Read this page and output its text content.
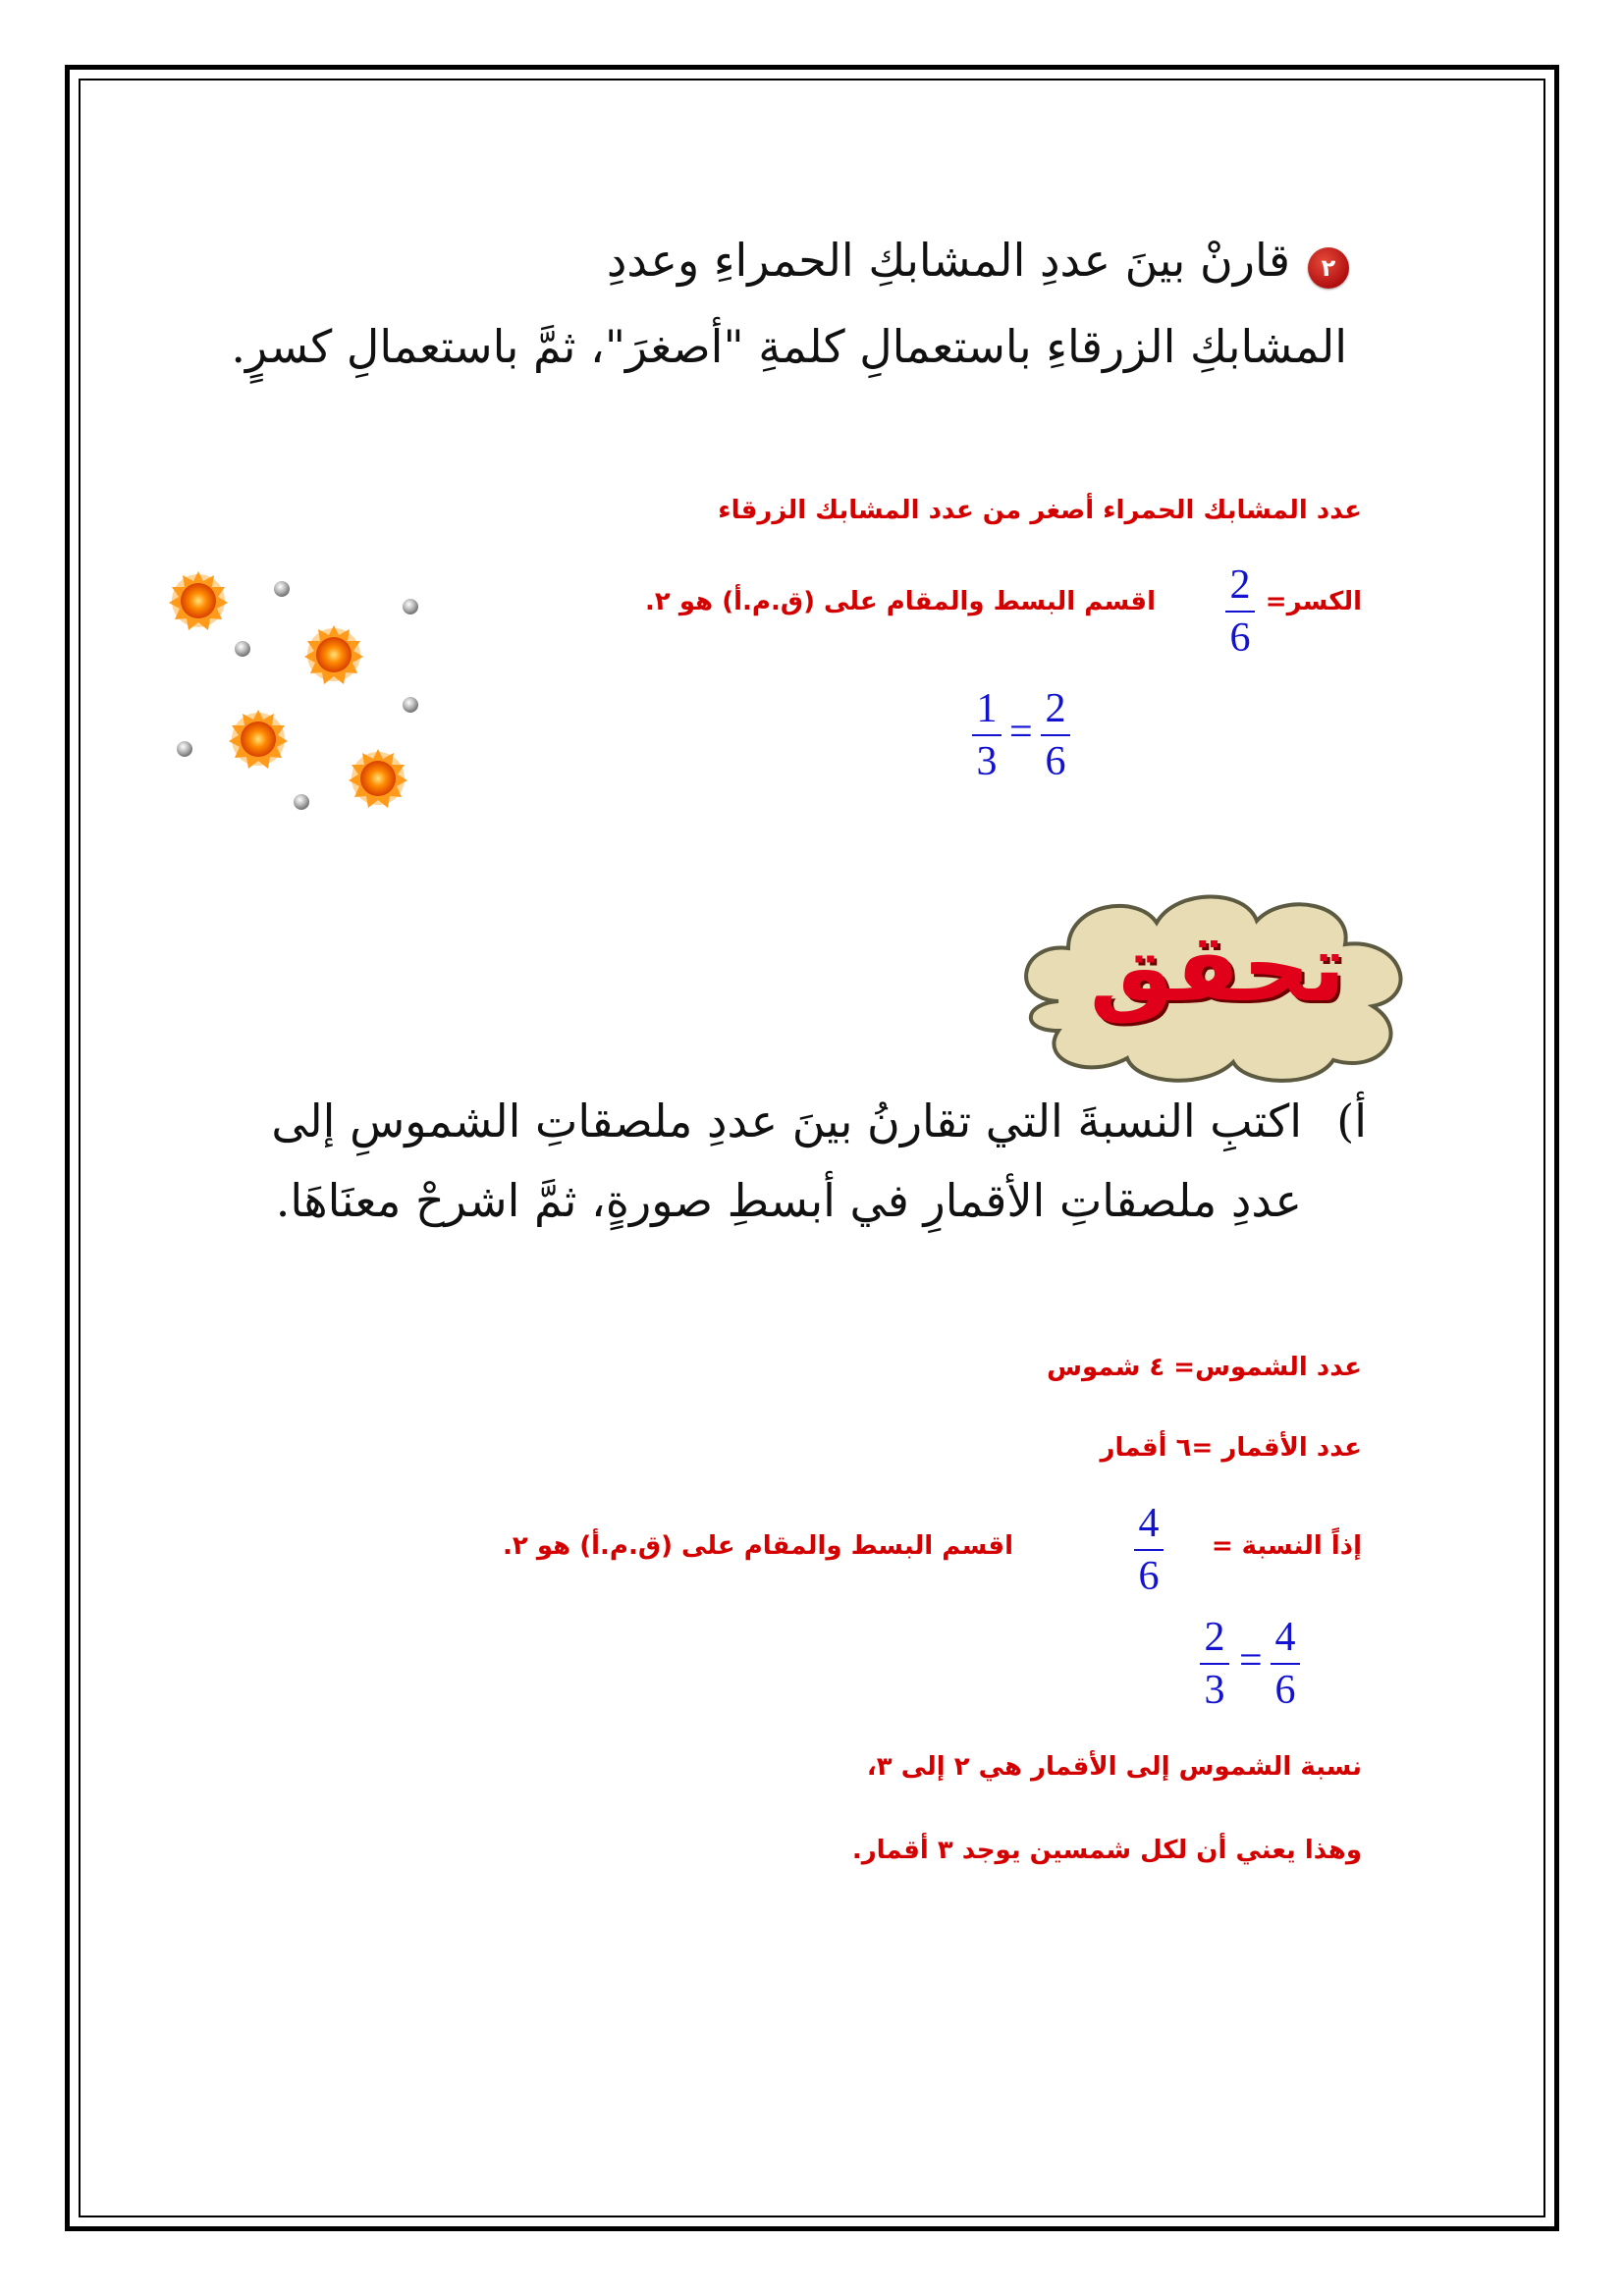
٢
قارنْ بينَ عددِ المشابكِ الحمراءِ وعددِ
المشابكِ الزرقاءِ باستعمالِ كلمةِ "أصغرَ"، ثمَّ باستعمالِ كسرٍ.
عدد المشابك الحمراء أصغر من عدد المشابك الزرقاء
الكسر=
2
6
اقسم البسط والمقام على (ق.م.أ) هو ٢.
1
3
=
2
6
تحقق
أ)
اكتبِ النسبةَ التي تقارنُ بينَ عددِ ملصقاتِ الشموسِ إلى
عددِ ملصقاتِ الأقمارِ في أبسطِ صورةٍ، ثمَّ اشرحْ معنَاهَا.
عدد الشموس= ٤ شموس
عدد الأقمار =٦ أقمار
إذاً النسبة =
4
6
اقسم البسط والمقام على (ق.م.أ) هو ٢.
2
3
=
4
6
نسبة الشموس إلى الأقمار هي ٢ إلى ٣،
وهذا يعني أن لكل شمسين يوجد ٣ أقمار.
